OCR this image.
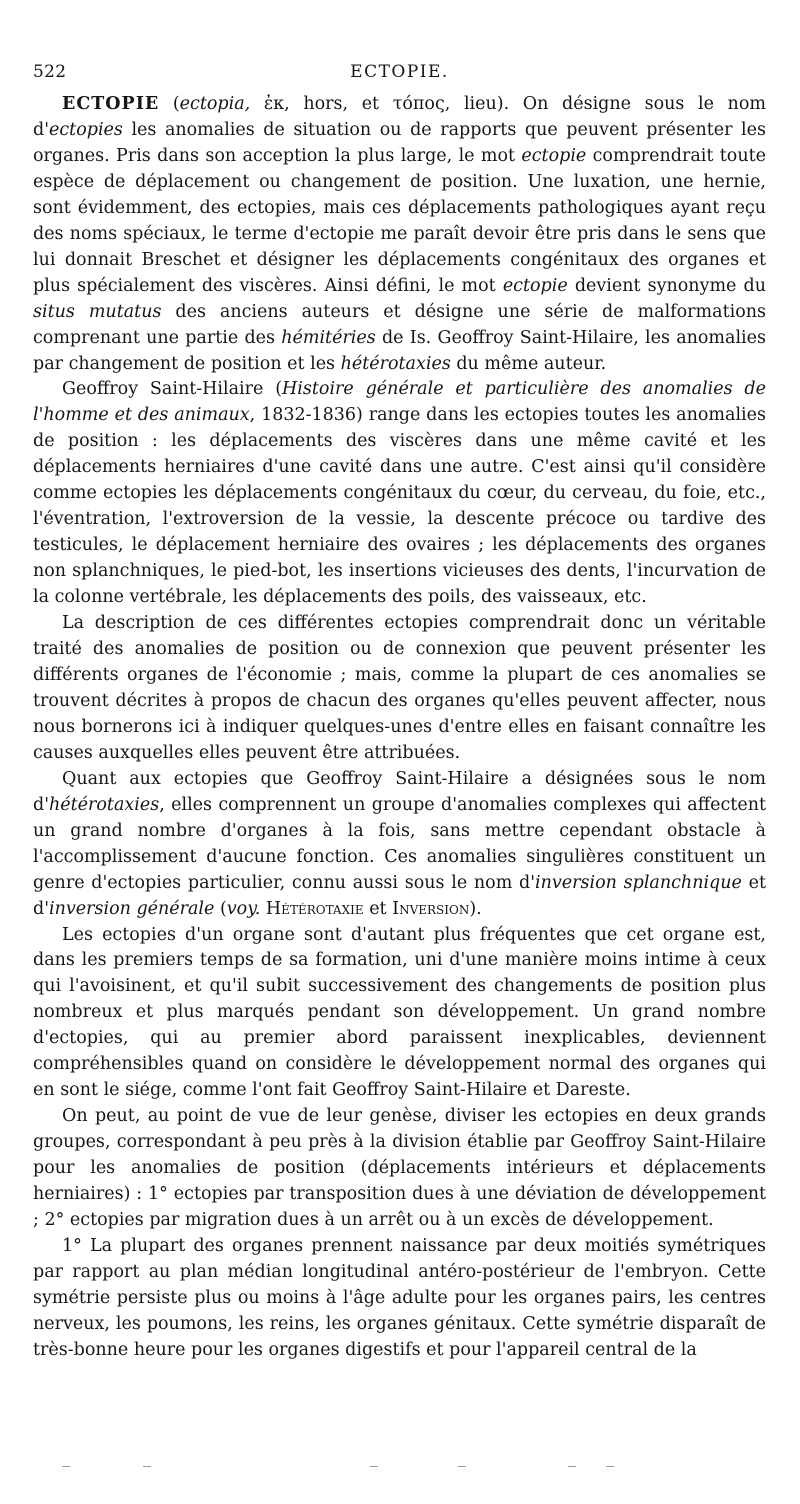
522	ECTOPIE.

ECTOPIE (ectopia, ἐκ, hors, et τόπος, lieu). On désigne sous le nom d'ectopies les anomalies de situation ou de rapports que peuvent présenter les organes. Pris dans son acception la plus large, le mot ectopie comprendrait toute espèce de déplacement ou changement de position. Une luxation, une hernie, sont évidemment, des ectopies, mais ces déplacements pathologiques ayant reçu des noms spéciaux, le terme d'ectopie me paraît devoir être pris dans le sens que lui donnait Breschet et désigner les déplacements congénitaux des organes et plus spécialement des viscères. Ainsi défini, le mot ectopie devient synonyme du situs mutatus des anciens auteurs et désigne une série de malformations comprenant une partie des hémitéries de Is. Geoffroy Saint-Hilaire, les anomalies par changement de position et les hétérotaxies du même auteur.

Geoffroy Saint-Hilaire (Histoire générale et particulière des anomalies de l'homme et des animaux, 1832-1836) range dans les ectopies toutes les anomalies de position : les déplacements des viscères dans une même cavité et les déplacements herniaires d'une cavité dans une autre. C'est ainsi qu'il considère comme ectopies les déplacements congénitaux du cœur, du cerveau, du foie, etc., l'éventration, l'extroversion de la vessie, la descente précoce ou tardive des testicules, le déplacement herniaire des ovaires ; les déplacements des organes non splanchniques, le pied-bot, les insertions vicieuses des dents, l'incurvation de la colonne vertébrale, les déplacements des poils, des vaisseaux, etc.

La description de ces différentes ectopies comprendrait donc un véritable traité des anomalies de position ou de connexion que peuvent présenter les différents organes de l'économie ; mais, comme la plupart de ces anomalies se trouvent décrites à propos de chacun des organes qu'elles peuvent affecter, nous nous bornerons ici à indiquer quelques-unes d'entre elles en faisant connaître les causes auxquelles elles peuvent être attribuées.

Quant aux ectopies que Geoffroy Saint-Hilaire a désignées sous le nom d'hétérotaxies, elles comprennent un groupe d'anomalies complexes qui affectent un grand nombre d'organes à la fois, sans mettre cependant obstacle à l'accomplissement d'aucune fonction. Ces anomalies singulières constituent un genre d'ectopies particulier, connu aussi sous le nom d'inversion splanchnique et d'inversion générale (voy. Hétérotaxie et Inversion).

Les ectopies d'un organe sont d'autant plus fréquentes que cet organe est, dans les premiers temps de sa formation, uni d'une manière moins intime à ceux qui l'avoisinent, et qu'il subit successivement des changements de position plus nombreux et plus marqués pendant son développement. Un grand nombre d'ectopies, qui au premier abord paraissent inexplicables, deviennent compréhensibles quand on considère le développement normal des organes qui en sont le siége, comme l'ont fait Geoffroy Saint-Hilaire et Dareste.

On peut, au point de vue de leur genèse, diviser les ectopies en deux grands groupes, correspondant à peu près à la division établie par Geoffroy Saint-Hilaire pour les anomalies de position (déplacements intérieurs et déplacements herniaires) : 1° ectopies par transposition dues à une déviation de développement ; 2° ectopies par migration dues à un arrêt ou à un excès de développement.

1° La plupart des organes prennent naissance par deux moitiés symétriques par rapport au plan médian longitudinal antéro-postérieur de l'embryon. Cette symétrie persiste plus ou moins à l'âge adulte pour les organes pairs, les centres nerveux, les poumons, les reins, les organes génitaux. Cette symétrie disparaît de très-bonne heure pour les organes digestifs et pour l'appareil central de la
